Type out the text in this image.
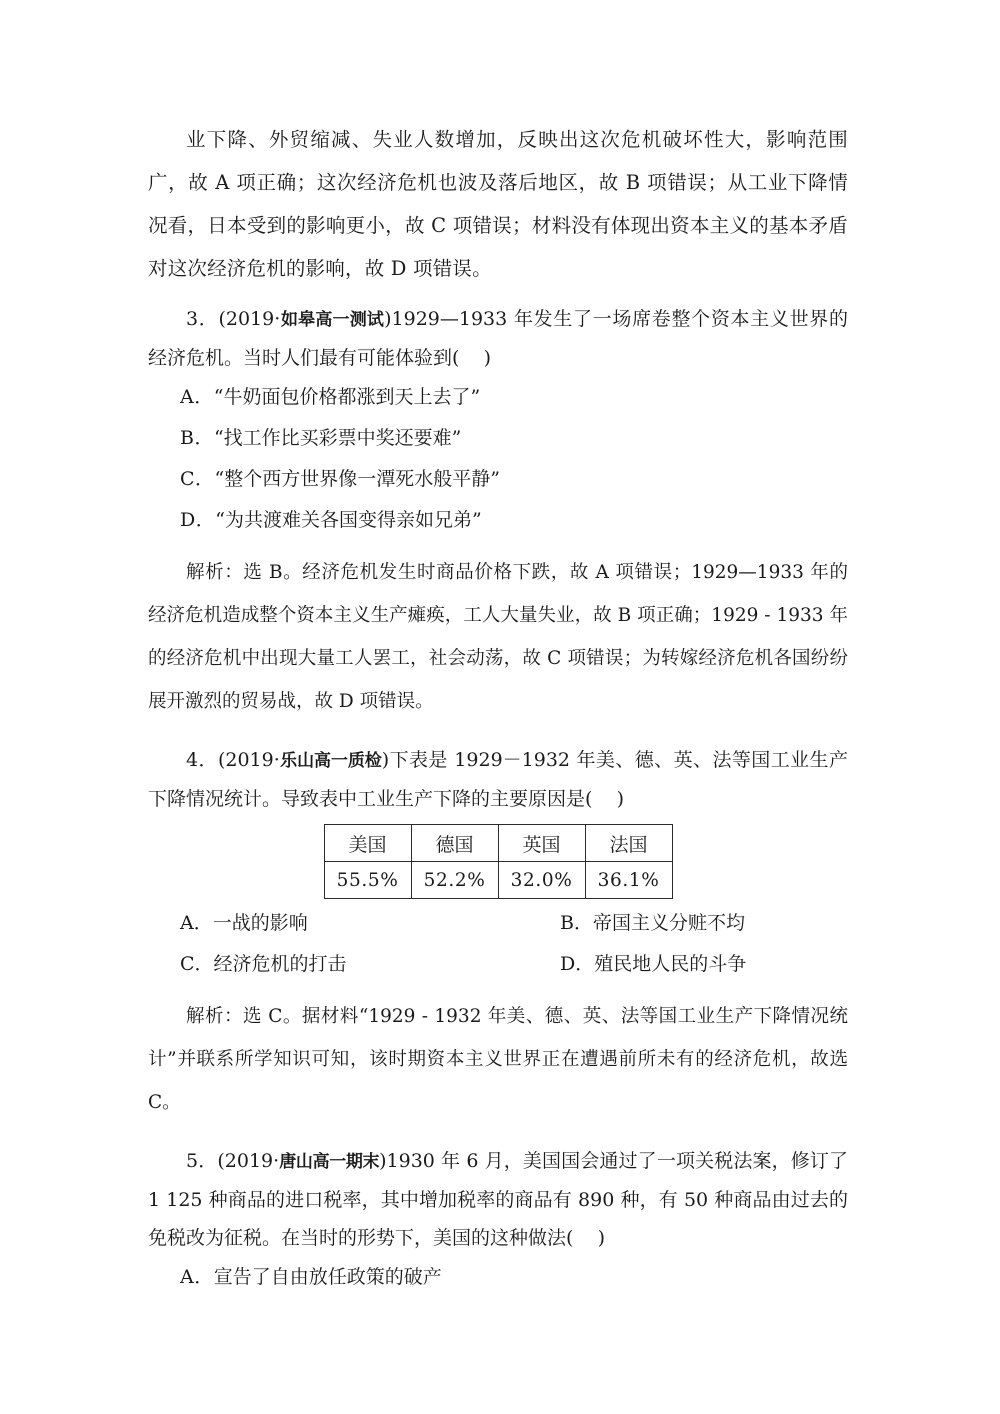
业下降、外贸缩减、失业人数增加，反映出这次危机破坏性大，影响范围广，故 A 项正确；这次经济危机也波及落后地区，故 B 项错误；从工业下降情况看，日本受到的影响更小，故 C 项错误；材料没有体现出资本主义的基本矛盾对这次经济危机的影响，故 D 项错误。

3．(2019·如皋高一测试)1929—1933 年发生了一场席卷整个资本主义世界的经济危机。当时人们最有可能体验到( )

A．“牛奶面包价格都涨到天上去了”

B．“找工作比买彩票中奖还要难”

C．“整个西方世界像一潭死水般平静”

D．“为共渡难关各国变得亲如兄弟”

解析：选 B。经济危机发生时商品价格下跌，故 A 项错误；1929—1933 年的经济危机造成整个资本主义生产瘫痪，工人大量失业，故 B 项正确；1929 - 1933 年的经济危机中出现大量工人罢工，社会动荡，故 C 项错误；为转嫁经济危机各国纷纷展开激烈的贸易战，故 D 项错误。

4．(2019·乐山高一质检)下表是 1929－1932 年美、德、英、法等国工业生产下降情况统计。导致表中工业生产下降的主要原因是( )

美国	德国	英国	法国
55.5%	52.2%	32.0%	36.1%
A．一战的影响	B．帝国主义分赃不均
C．经济危机的打击	D．殖民地人民的斗争

解析：选 C。据材料“1929 - 1932 年美、德、英、法等国工业生产下降情况统计”并联系所学知识可知，该时期资本主义世界正在遭遇前所未有的经济危机，故选 C。

5．(2019·唐山高一期末)1930 年 6 月，美国国会通过了一项关税法案，修订了 1 125 种商品的进口税率，其中增加税率的商品有 890 种，有 50 种商品由过去的免税改为征税。在当时的形势下，美国的这种做法( )

A．宣告了自由放任政策的破产
